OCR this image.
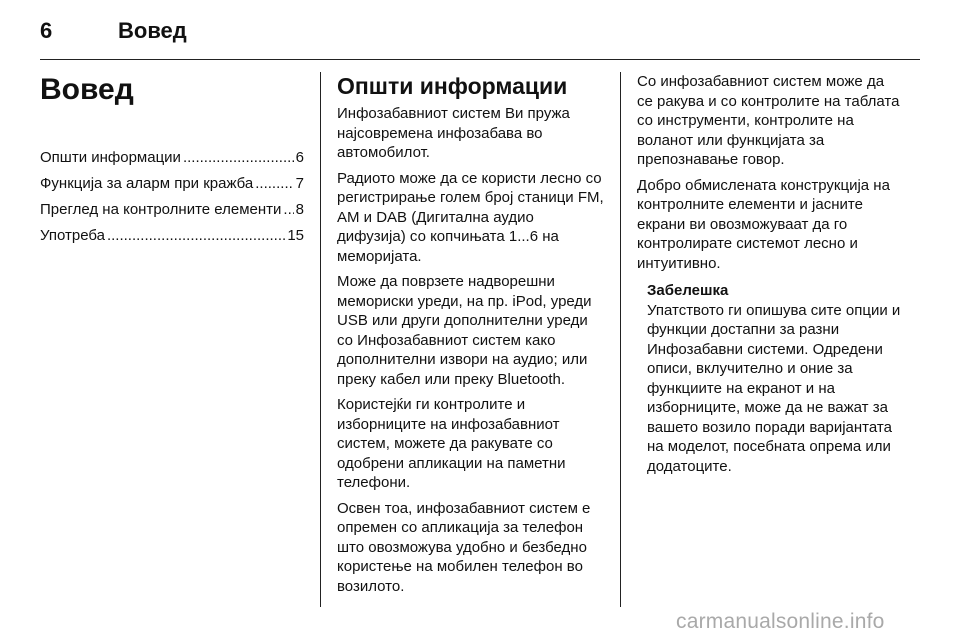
6	Вовед
Вовед
Општи информации .....	6
Функција за аларм при кражба .....	7
Преглед на контролните елементи ..... 8
Употреба .....	15
Општи информации

Инфозабавниот систем Ви пружа најсовремена инфозабава во автомобилот.

Радиото може да се користи лесно со регистрирање голем број станици FM, AM и DAB (Дигитална аудио дифузија) со копчињата 1...6 на меморијата.

Може да поврзете надворешни мемориски уреди, на пр. iPod, уреди USB или други дополнителни уреди со Инфозабавниот систем како дополнителни извори на аудио; или преку кабел или преку Bluetooth.

Користејќи ги контролите и изборниците на инфозабавниот систем, можете да ракувате со одобрени апликации на паметни телефони.

Освен тоа, инфозабавниот систем е опремен со апликација за телефон што овозможува удобно и безбедно користење на мобилен телефон во возилото.

Со инфозабавниот систем може да се ракува и со контролите на таблата со инструменти, контролите на воланот или функцијата за препознавање говор.

Добро обмислената конструкција на контролните елементи и јасните екрани ви овозможуваат да го контролирате системот лесно и интуитивно.

Забелешка
Упатството ги опишува сите опции и функции достапни за разни Инфозабавни системи. Одредени описи, вклучително и оние за функциите на екранот и на изборниците, може да не важат за вашето возило поради варијантата на моделот, посебната опрема или додатоците.
carmanualsonline.info
